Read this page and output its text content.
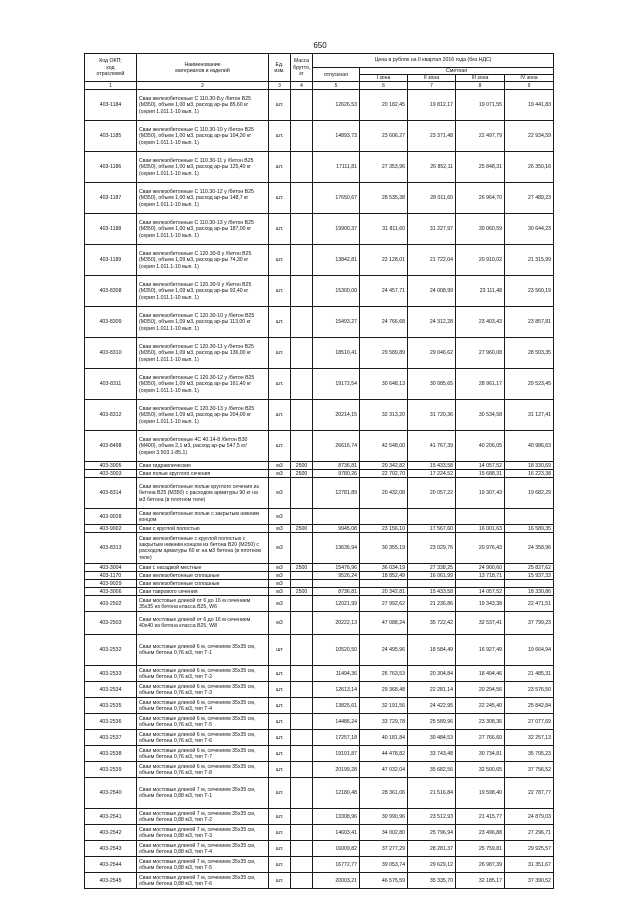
650
Код ОКП;
код
отраслевой	Наименование
материалов и изделий	Ед.
изм.	Масса
брутто,
кг	Цена в рублях на II квартал 2016 года (без НДС)				
				отпускная	Сметная			
					I зона	II зона	III зона	IV зона
1	2	3	4	5	6	7	8	9
403-1184	Сваи железобетонные С 110.30-8.у /бетон В25
(М350), объем 1,00 м3, расход ар-ры 85,60 кг
(серия 1.011.1-10 вып. 1)	шт.		12626,53	20 182,45	19 812,17	19 071,55	19 441,83
403-1185	Сваи железобетонные С 110.30-10 у /бетон В25
(М350), объем 1,00 м3, расход ар-ры 104,30 кг
(серия 1.011.1-10 вып. 1)	шт.		14893,73	23 606,27	23 371,48	22 497,79	22 934,59
403-1186	Сваи железобетонные С 110.30-11 у /бетон В25
(М350), объем 1,00 м3, расход ар-ры 125,40 кг
(серия 1.011.1-10 вып. 1)	шт.		17111,81	27 353,96	26 852,11	25 848,31	26 350,16
403-1187	Сваи железобетонные С 110.30-12 у /бетон В25
(М350), объем 1,00 м3, расход ар-ры 148,7 кг
(серия 1.011.1-10 вып. 1)	шт.		17650,67	28 535,38	28 011,60	26 964,70	27 489,23
403-1188	Сваи железобетонные С 110.30-13 у /бетон В25
(М350), объем 1,00 м3, расход ар-ры 187,00 кг
(серия 1.011.1-10 вып. 1)	шт.		19900,37	31 811,60	31 227,97	30 060,59	30 644,23
403-1189	Сваи железобетонные С 120.30-8 у /бетон В25
(М350), объем 1,09 м3, расход ар-ры 74,30 кг
(серия 1.011.1-10 вып. 1)	шт.		13842,81	22 128,01	21 722,04	20 910,02	21 315,99
403-8308	Сваи железобетонные С 120.30-9 у /бетон В25
(М350), объем 1,09 м3, расход ар-ры 92,40 кг
(серия 1.011.1-10 вып. 1)	шт.		15300,00	24 457,71	24 008,99	23 111,48	23 560,19
403-8309	Сваи железобетонные С 120.30-10 у /бетон В25
(М350), объем 1,09 м3, расход ар-ры 113,00 кг
(серия 1.011.1-10 вып. 1)	шт.		15493,27	24 766,68	24 312,28	23 403,43	23 857,81
403-8310	Сваи железобетонные С 120.30-11 у /бетон В25
(М350), объем 1,09 м3, расход ар-ры 136,00 кг
(серия 1.011.1-10 вып. 1)	шт.		18510,41	29 589,89	29 046,62	27 960,08	28 503,35
403-8311	Сваи железобетонные С 120.30-12 у /бетон В25
(М350), объем 1,09 м3, расход ар-ры 161,40 кг
(серия 1.011.1-10 вып. 1)	шт.		19172,54	30 648,13	30 085,65	28 961,17	29 523,45
403-8312	Сваи железобетонные С 120.30-13 у /бетон В25
(М350), объем 1,09 м3, расход ар-ры 204,00 кг
(серия 1.011.1-10 вып. 1)	шт.		20214,15	32 313,20	31 720,36	30 534,58	31 127,41
403-8498	Сваи железобетонные 4С 40.14-8 /бетон В30
(М400), объем 2,1 м3, расход ар-ры 547,5 кг/
(серия 3.503.1-85.1)	шт.		26616,74	42 548,00	41 767,39	40 206,05	40 986,63
403-3005	Сваи гидравлические	м3	2500	8736,81	20 342,82	15 433,58	14 057,52	18 330,69
403-3003	Сваи полые круглого сечения	м3	2500	9780,26	22 702,70	17 224,52	15 688,31	16 223,38
403-8314	Сваи железобетонные полые круглого сечения из
бетона В25 (М350) с расходом арматуры 90 кг на
м3 бетона (в плотном теле)	м3		12781,89	20 432,08	20 057,22	19 307,43	19 682,29
403-9028	Сваи железобетонные полые с закрытым нижним
концом	м3						
403-9002	Сваи с круглой полостью	м3	2500	9945,08	23 156,10	17 567,60	16 001,63	16 589,35
403-8313	Сваи железобетонные с круглой полостью с
закрытым нижним концом из бетона В20 (М250) с
расходом арматуры 60 кг на м3 бетона (в плотном
теле)	м3		13636,94	30 355,19	23 029,76	20 976,43	24 358,96
403-3004	Сваи с насадкой местные	м3	2500	15476,96	36 034,19	27 338,25	24 900,60	25 827,62
403-1170	Сваи железобетонные сплошные	м3		9526,24	18 852,49	16 061,99	13 718,71	15 937,33
403-9029	Сваи железобетонные сплошные	м3						
403-3006	Сваи таврового сечения	м3	2500	8736,81	20 342,81	15 433,58	14 057,52	18 330,86
403-2502	Сваи мостовые длиной от 6 до 16 м сечением
35х35 из бетона класса В25, W6	м3		12021,99	27 992,62	21 236,86	19 343,38	22 471,51
403-2503	Сваи мостовые длиной от 6 до 16 м сечением
40х40 из бетона класса В25, W8	м3		20222,13	47 088,24	35 722,42	32 537,41	37 799,23
403-2532	Сваи мостовые длиной 6 м, сечением 35х35 см,
объем бетона 0,76 м3, тип Т-1	шт		10520,50	24 495,96	18 584,49	16 927,49	19 664,94
403-2533	Сваи мостовые длиной 6 м, сечением 35х35 см,
объем бетона 0,76 м3, тип Т-2	шт.		11494,36	26 763,53	20 304,84	18 494,46	21 485,31
403-2534	Сваи мостовые длиной 6 м, сечением 35х35 см,
объем бетона 0,76 м3, тип Т-3	шт.		12613,14	29 368,48	22 281,14	20 294,56	23 576,50
403-2535	Сваи мостовые длиной 6 м, сечением 35х35 см,
объем бетона 0,76 м3, тип Т-4	шт.		13825,61	32 191,56	24 422,95	22 245,40	25 842,84
403-2536	Сваи мостовые длиной 6 м, сечением 35х35 см,
объем бетона 0,76 м3, тип Т-5	шт.		14486,24	33 729,78	25 589,96	23 308,36	27 077,69
403-2537	Сваи мостовые длиной 6 м, сечением 35х35 см,
объем бетона 0,76 м3, тип Т-6	шт.		17257,18	40 181,84	30 484,53	27 766,60	32 257,13
403-2538	Сваи мостовые длиной 6 м, сечением 35х35 см,
объем бетона 0,76 м3, тип Т-7	шт.		19101,87	44 478,82	33 743,48	30 734,81	35 705,23
403-2539	Сваи мостовые длиной 6 м, сечением 35х35 см,
объем бетона 0,76 м3, тип Т-8	шт.		20199,28	47 032,04	35 682,56	32 500,65	37 756,52
403-2540	Сваи мостовые длиной 7 м, сечением 35х35 см,
объем бетона 0,88 м3, тип Т-1	шт.		12180,48	28 361,06	21 516,84	19 598,40	22 787,77
403-2541	Сваи мостовые длиной 7 м, сечением 35х35 см,
объем бетона 0,88 м3, тип Т-2	шт.		13308,96	30 990,96	23 512,93	21 415,77	24 879,03
403-2542	Сваи мостовые длиной 7 м, сечением 35х35 см,
объем бетона 0,88 м3, тип Т-3	шт.		14603,41	34 002,80	25 796,94	23 496,88	27 296,71
403-2543	Сваи мостовые длиной 7 м, сечением 35х35 см,
объем бетона 0,88 м3, тип Т-4	шт.		16009,82	37 277,29	28 281,37	25 759,81	29 925,57
403-2544	Сваи мостовые длиной 7 м, сечением 35х35 см,
объем бетона 0,88 м3, тип Т-5	шт.		16772,77	39 053,74	29 629,12	26 987,39	31 351,67
403-2545	Сваи мостовые длиной 7 м, сечением 35х35 см,
объем бетона 0,88 м3, тип Т-6	шт.		20003,21	46 575,59	35 335,70	32 185,17	37 390,52
